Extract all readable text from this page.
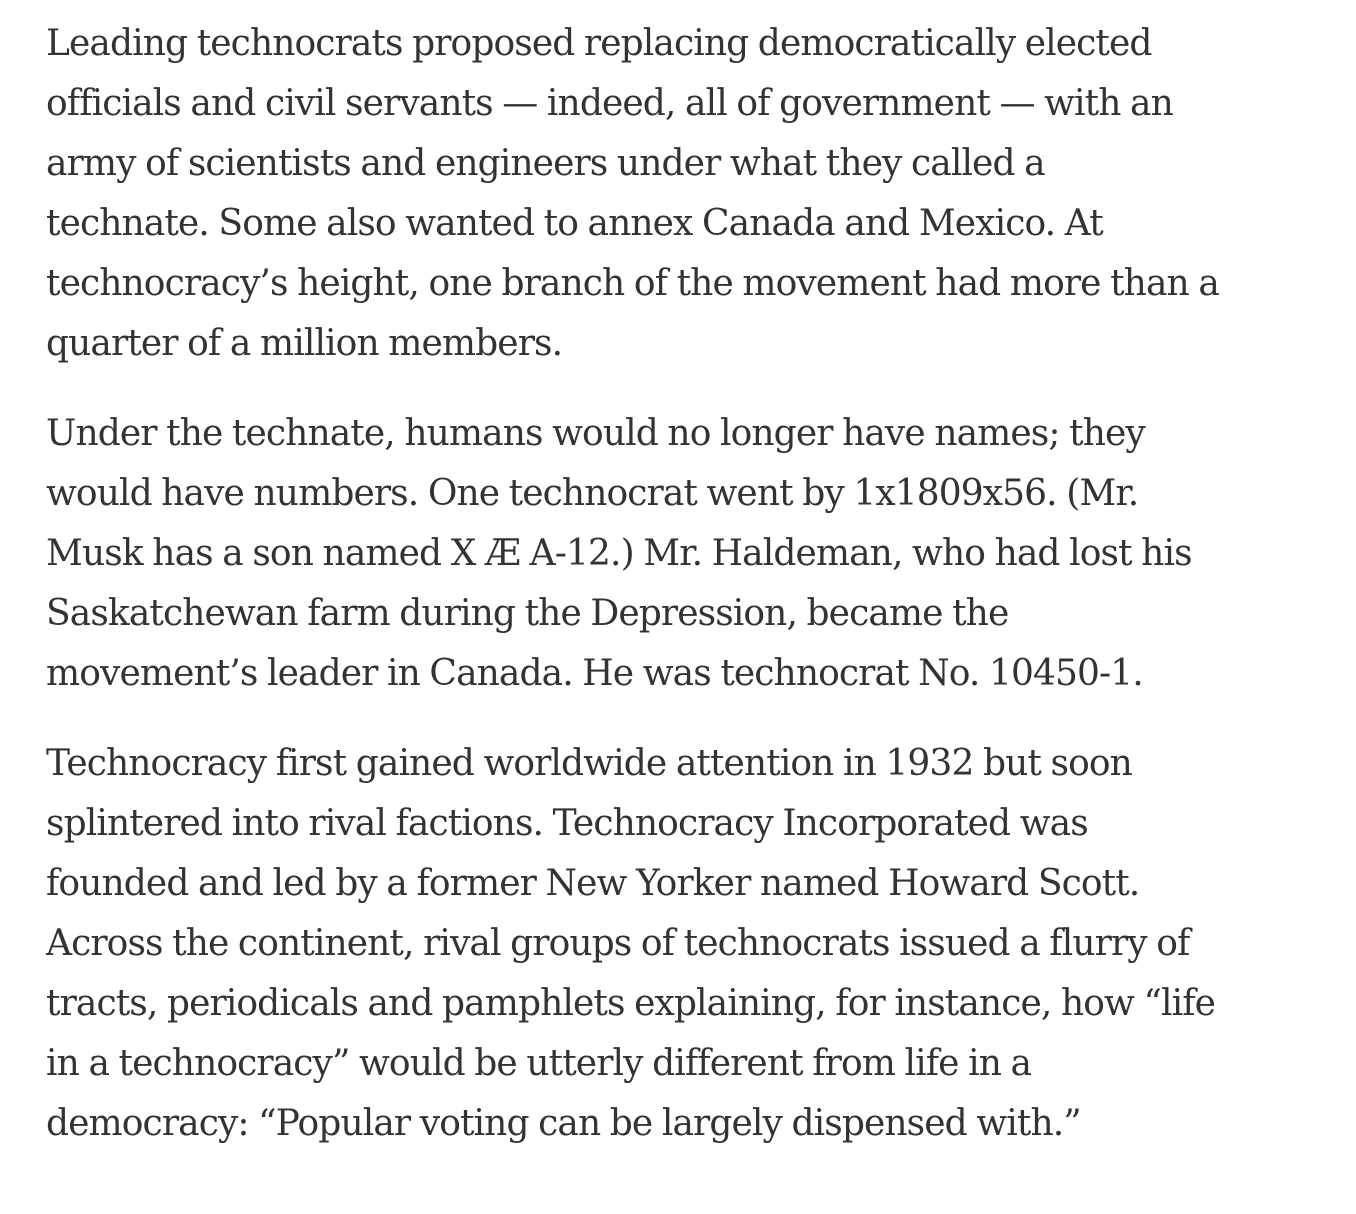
Leading technocrats proposed replacing democratically elected
officials and civil servants — indeed, all of government — with an
army of scientists and engineers under what they called a
technate. Some also wanted to annex Canada and Mexico. At
technocracy’s height, one branch of the movement had more than a
quarter of a million members.

Under the technate, humans would no longer have names; they
would have numbers. One technocrat went by 1x1809x56. (Mr.
Musk has a son named X Æ A-12.) Mr. Haldeman, who had lost his
Saskatchewan farm during the Depression, became the
movement’s leader in Canada. He was technocrat No. 10450-1.

Technocracy first gained worldwide attention in 1932 but soon
splintered into rival factions. Technocracy Incorporated was
founded and led by a former New Yorker named Howard Scott.
Across the continent, rival groups of technocrats issued a flurry of
tracts, periodicals and pamphlets explaining, for instance, how “life
in a technocracy” would be utterly different from life in a
democracy: “Popular voting can be largely dispensed with.”
